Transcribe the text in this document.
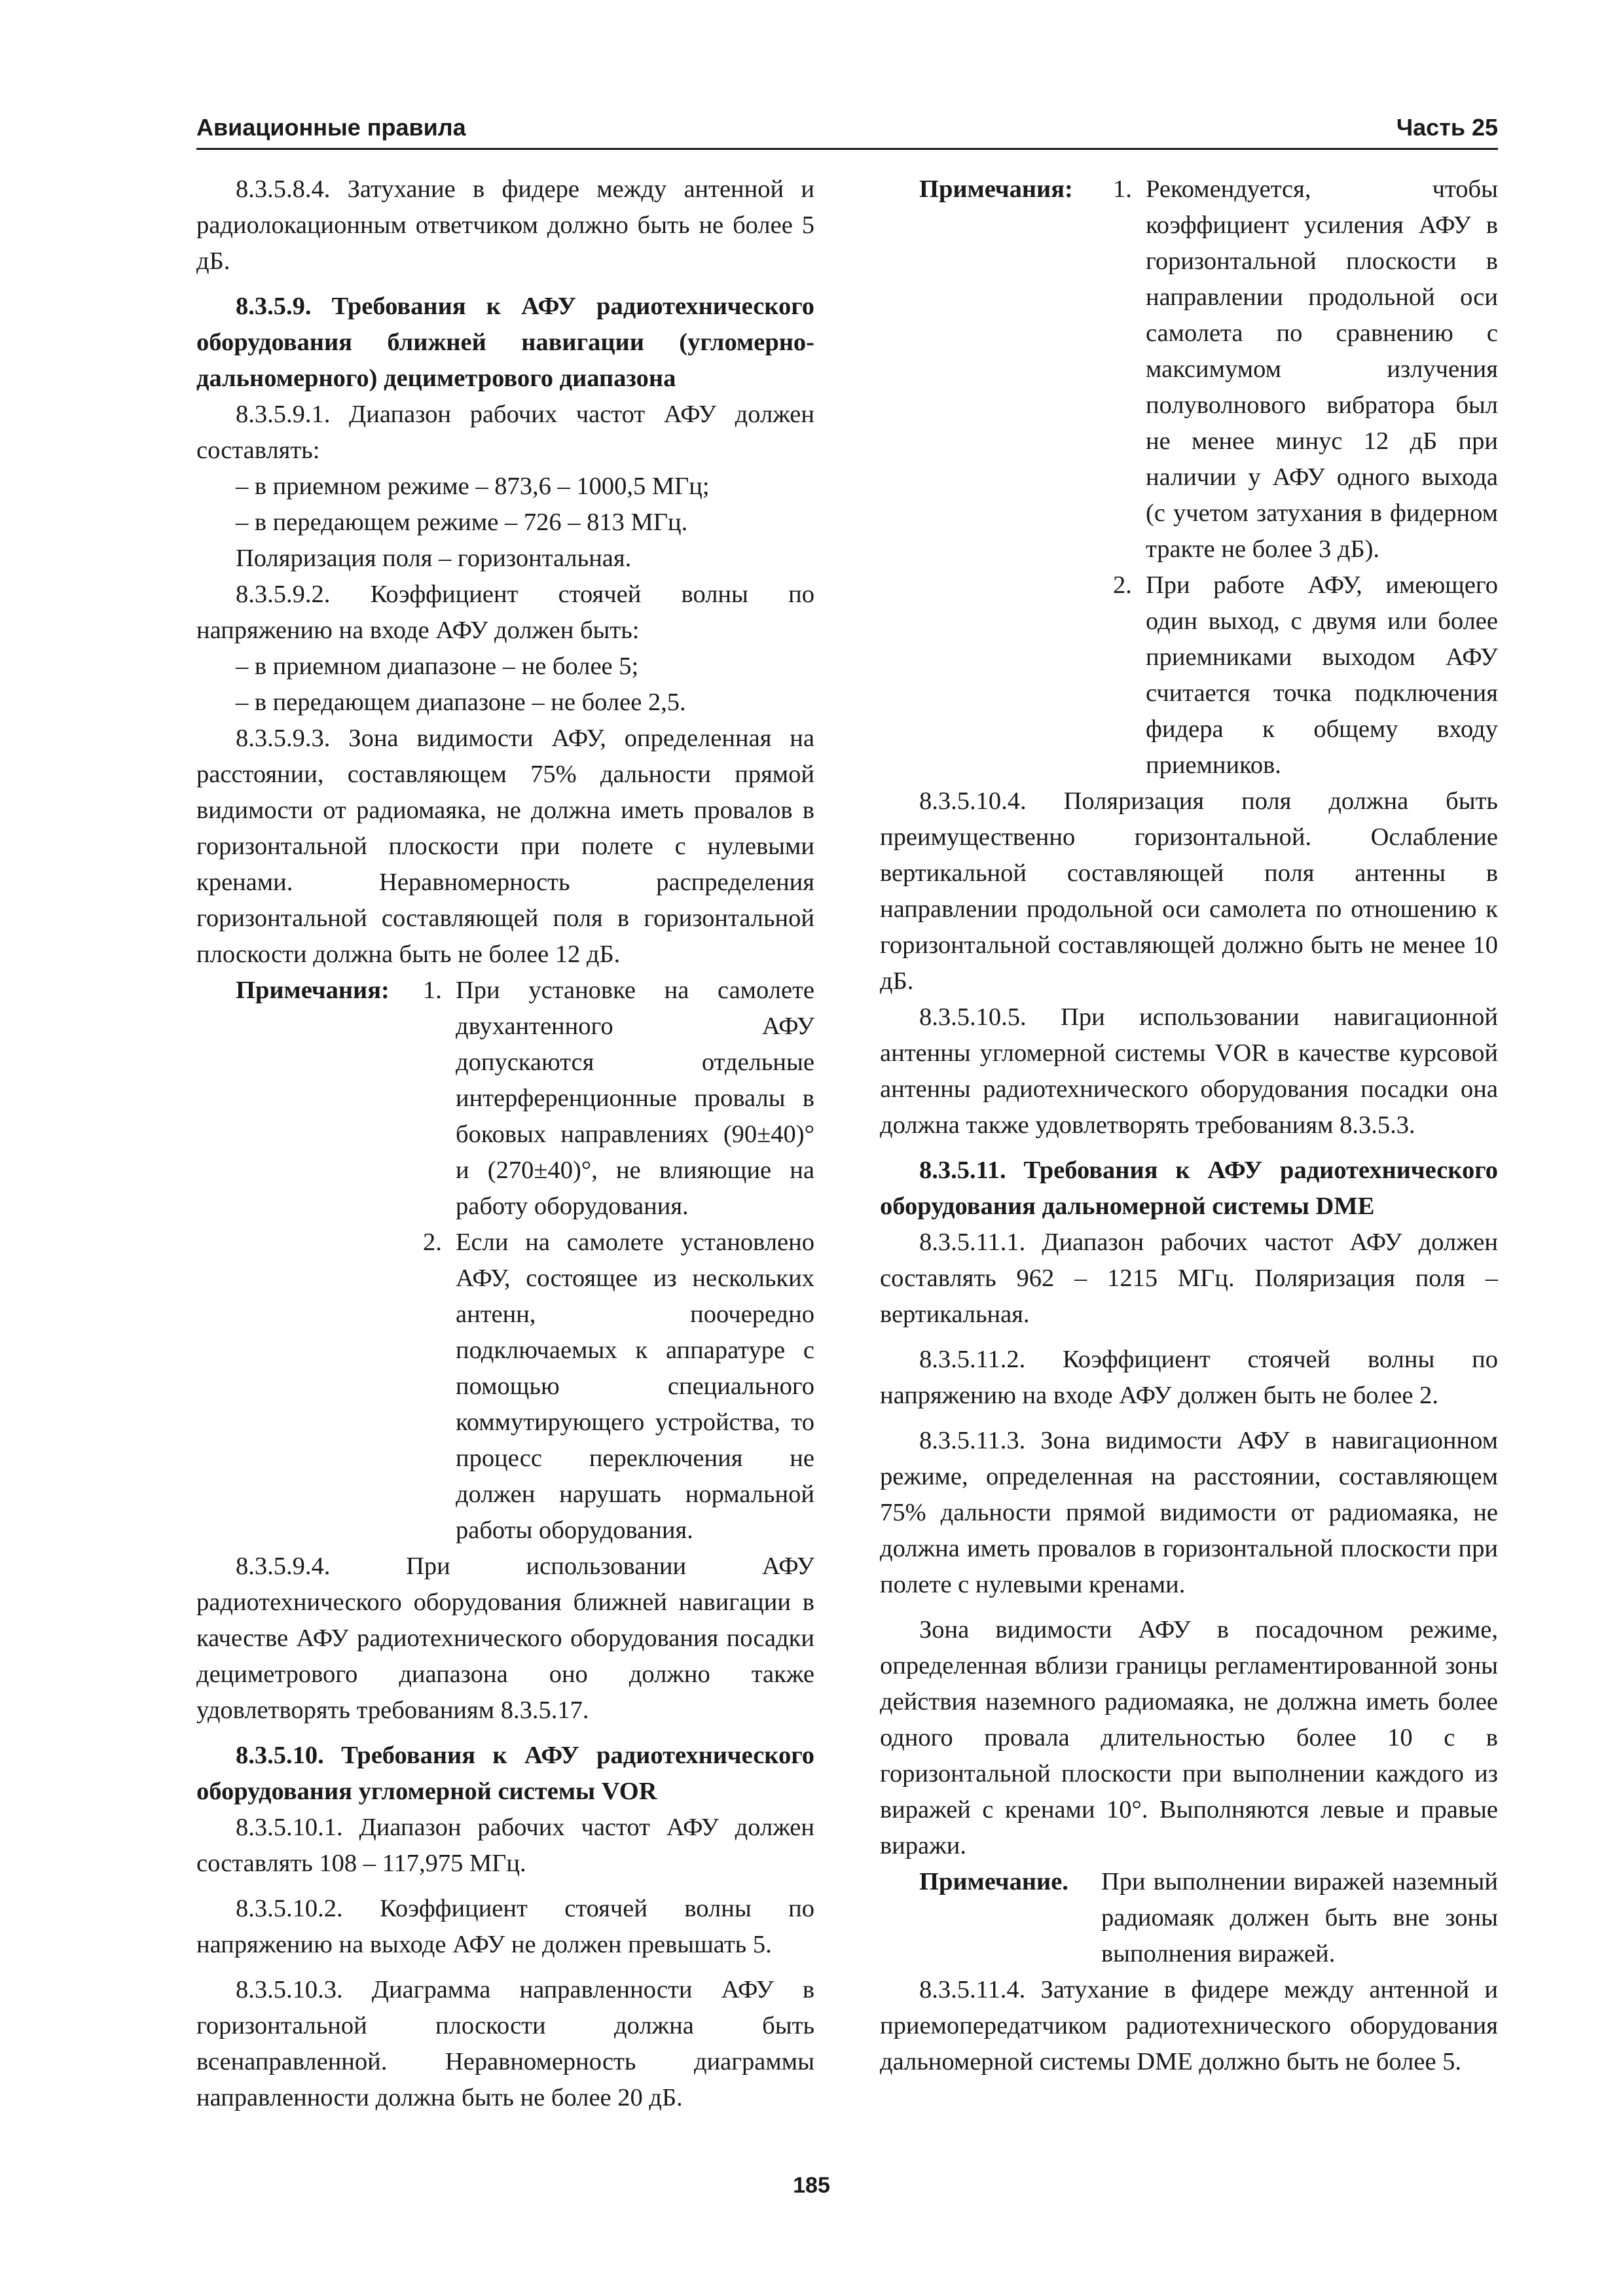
Авиационные правила	Часть 25

8.3.5.8.4. Затухание в фидере между антенной и радиолокационным ответчиком должно быть не более 5 дБ.

8.3.5.9. Требования к АФУ радиотехнического оборудования ближней навигации (угломерно-дальномерного) дециметрового диапазона

8.3.5.9.1. Диапазон рабочих частот АФУ должен составлять:

– в приемном режиме – 873,6 – 1000,5 МГц;

– в передающем режиме – 726 – 813 МГц.

Поляризация поля – горизонтальная.

8.3.5.9.2. Коэффициент стоячей волны по напряжению на входе АФУ должен быть:

– в приемном диапазоне – не более 5;

– в передающем диапазоне – не более 2,5.

8.3.5.9.3. Зона видимости АФУ, определенная на расстоянии, составляющем 75% дальности прямой видимости от радиомаяка, не должна иметь провалов в горизонтальной плоскости при полете с нулевыми кренами. Неравномерность распределения горизонтальной составляющей поля в горизонтальной плоскости должна быть не более 12 дБ.

Примечания:	1. При установке на самолете двухантенного АФУ допускаются отдельные интерференционные провалы в боковых направлениях (90±40)° и (270±40)°, не влияющие на работу оборудования.
2. Если на самолете установлено АФУ, состоящее из нескольких антенн, поочередно подключаемых к аппаратуре с помощью специального коммутирующего устройства, то процесс переключения не должен нарушать нормальной работы оборудования.

8.3.5.9.4. При использовании АФУ радиотехнического оборудования ближней навигации в качестве АФУ радиотехнического оборудования посадки дециметрового диапазона оно должно также удовлетворять требованиям 8.3.5.17.

8.3.5.10. Требования к АФУ радиотехнического оборудования угломерной системы VOR

8.3.5.10.1. Диапазон рабочих частот АФУ должен составлять 108 – 117,975 МГц.

8.3.5.10.2. Коэффициент стоячей волны по напряжению на выходе АФУ не должен превышать 5.

8.3.5.10.3. Диаграмма направленности АФУ в горизонтальной плоскости должна быть всенаправленной. Неравномерность диаграммы направленности должна быть не более 20 дБ.

Примечания:	1. Рекомендуется, чтобы коэффициент усиления АФУ в горизонтальной плоскости в направлении продольной оси самолета по сравнению с максимумом излучения полуволнового вибратора был не менее минус 12 дБ при наличии у АФУ одного выхода (с учетом затухания в фидерном тракте не более 3 дБ).
2. При работе АФУ, имеющего один выход, с двумя или более приемниками выходом АФУ считается точка подключения фидера к общему входу приемников.

8.3.5.10.4. Поляризация поля должна быть преимущественно горизонтальной. Ослабление вертикальной составляющей поля антенны в направлении продольной оси самолета по отношению к горизонтальной составляющей должно быть не менее 10 дБ.

8.3.5.10.5. При использовании навигационной антенны угломерной системы VOR в качестве курсовой антенны радиотехнического оборудования посадки она должна также удовлетворять требованиям 8.3.5.3.

8.3.5.11. Требования к АФУ радиотехнического оборудования дальномерной системы DME

8.3.5.11.1. Диапазон рабочих частот АФУ должен составлять 962 – 1215 МГц. Поляризация поля – вертикальная.

8.3.5.11.2. Коэффициент стоячей волны по напряжению на входе АФУ должен быть не более 2.

8.3.5.11.3. Зона видимости АФУ в навигационном режиме, определенная на расстоянии, составляющем 75% дальности прямой видимости от радиомаяка, не должна иметь провалов в горизонтальной плоскости при полете с нулевыми кренами.

Зона видимости АФУ в посадочном режиме, определенная вблизи границы регламентированной зоны действия наземного радиомаяка, не должна иметь более одного провала длительностью более 10 с в горизонтальной плоскости при выполнении каждого из виражей с кренами 10°. Выполняются левые и правые виражи.

Примечание.	При выполнении виражей наземный радиомаяк должен быть вне зоны выполнения виражей.

8.3.5.11.4. Затухание в фидере между антенной и приемопередатчиком радиотехнического оборудования дальномерной системы DME должно быть не более 5.

185
